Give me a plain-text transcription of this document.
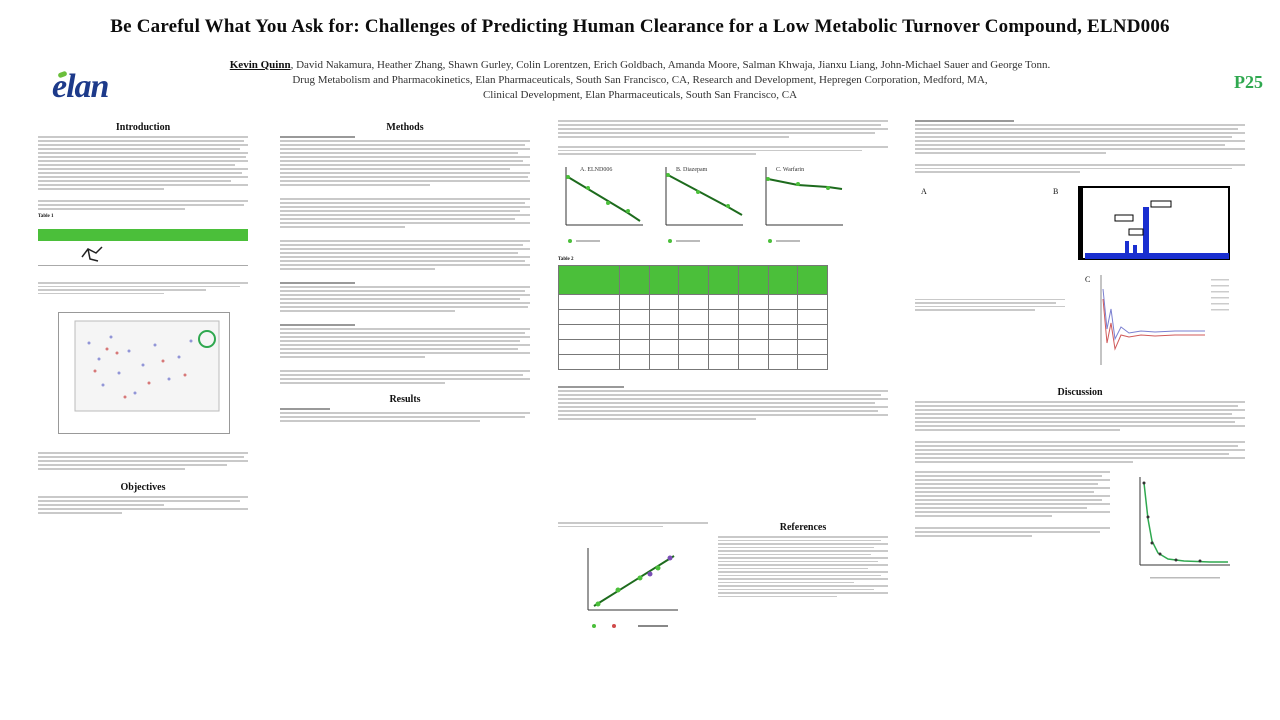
Be Careful What You Ask for: Challenges of Predicting Human Clearance for a Low Metabolic Turnover Compound, ELND006
Kevin Quinn, David Nakamura, Heather Zhang, Shawn Gurley, Colin Lorentzen, Erich Goldbach, Amanda Moore, Salman Khwaja, Jianxu Liang, John-Michael Sauer and George Tonn.
Drug Metabolism and Pharmacokinetics, Elan Pharmaceuticals, South San Francisco, CA, Research and Development, Hepregen Corporation, Medford, MA,
Clinical Development, Elan Pharmaceuticals, South San Francisco, CA
elan	P25
Introduction
Table 1
Objectives
Methods
Results
A. ELND006	B. Diazepam	C. Warfarin
Table 2

References
A	B
C
Discussion
